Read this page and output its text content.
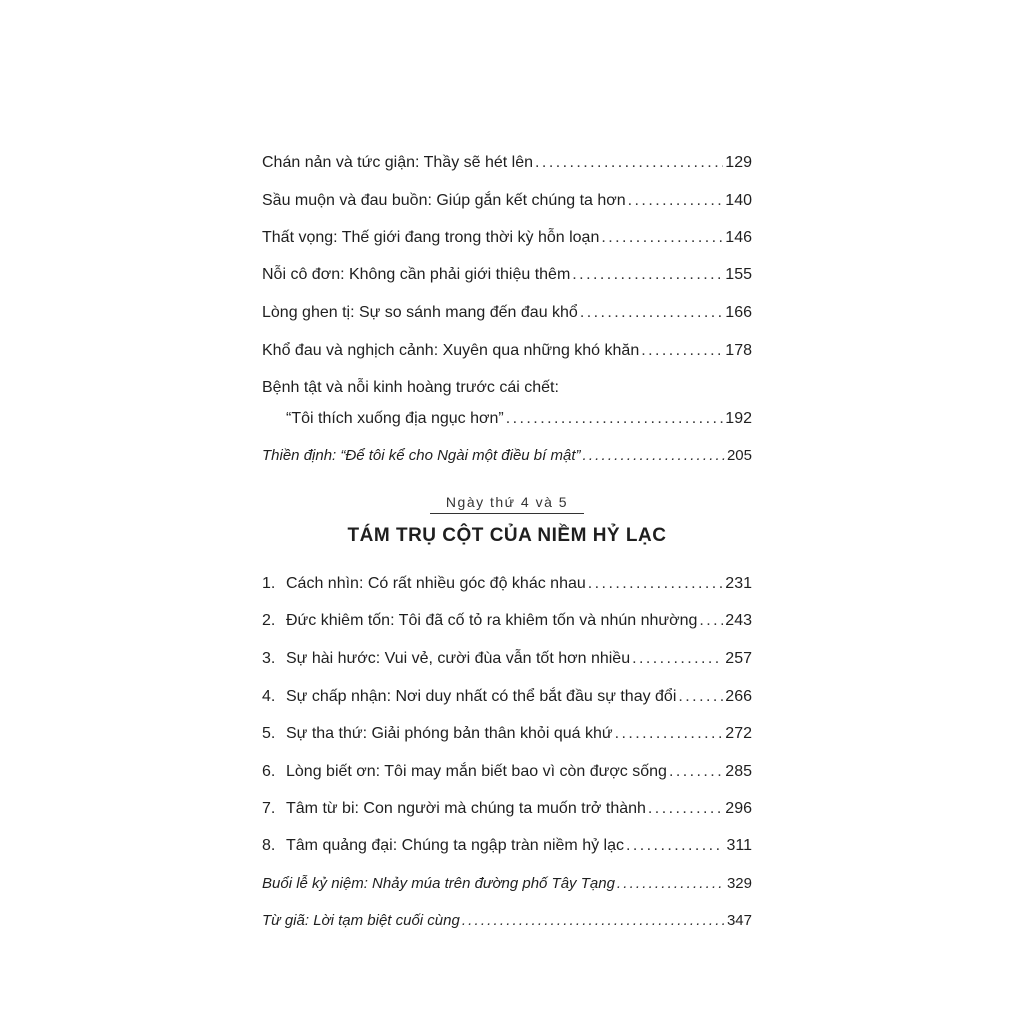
Chán nản và tức giận: Thầy sẽ hét lên . . .	129
Sầu muộn và đau buồn: Giúp gắn kết chúng ta hơn . . .	140
Thất vọng: Thế giới đang trong thời kỳ hỗn loạn . . .	146
Nỗi cô đơn: Không cần phải giới thiệu thêm . . .	155
Lòng ghen tị: Sự so sánh mang đến đau khổ . . .	166
Khổ đau và nghịch cảnh: Xuyên qua những khó khăn . . .	178
Bệnh tật và nỗi kinh hoàng trước cái chết:
“Tôi thích xuống địa ngục hơn” . . .	192
Thiền định: “Để tôi kể cho Ngài một điều bí mật” . . .	205
1. Cách nhìn: Có rất nhiều góc độ khác nhau . . .	231
2. Đức khiêm tốn: Tôi đã cố tỏ ra khiêm tốn và nhún nhường . . . 243
3. Sự hài hước: Vui vẻ, cười đùa vẫn tốt hơn nhiều . . .	257
4. Sự chấp nhận: Nơi duy nhất có thể bắt đầu sự thay đổi . . .	266
5. Sự tha thứ: Giải phóng bản thân khỏi quá khứ . . .	272
6. Lòng biết ơn: Tôi may mắn biết bao vì còn được sống . . .	285
7. Tâm từ bi: Con người mà chúng ta muốn trở thành . . .	296
8. Tâm quảng đại: Chúng ta ngập tràn niềm hỷ lạc . . .	311
Buổi lễ kỷ niệm: Nhảy múa trên đường phố Tây Tạng . . .	329
Từ giã: Lời tạm biệt cuối cùng . . .	347
Ngày thứ 4 và 5
TÁM TRỤ CỘT CỦA NIỀM HỶ LẠC
